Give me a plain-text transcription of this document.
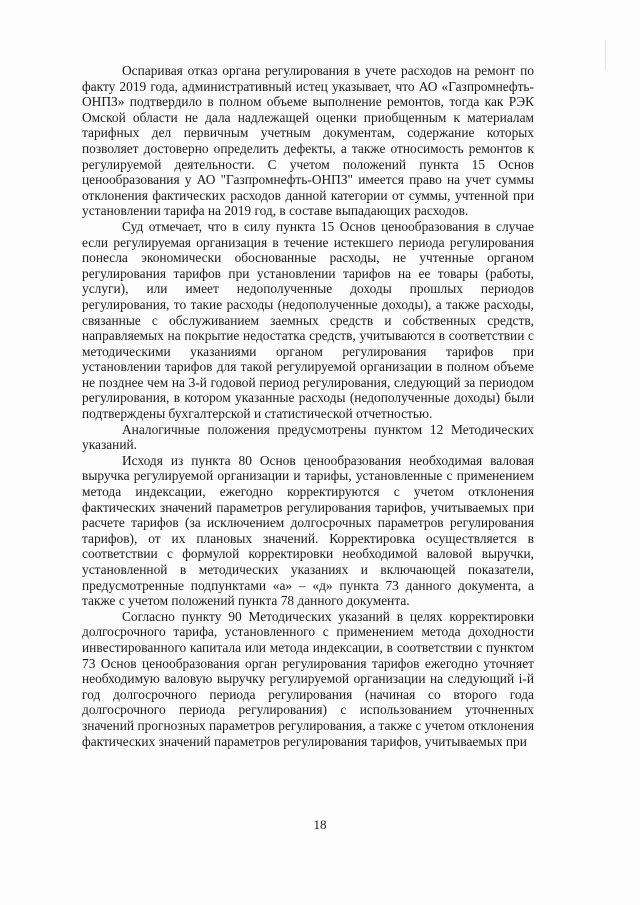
Оспаривая отказ органа регулирования в учете расходов на ремонт по факту 2019 года, административный истец указывает, что АО «Газпромнефть-ОНПЗ» подтвердило в полном объеме выполнение ремонтов, тогда как РЭК Омской области не дала надлежащей оценки приобщенным к материалам тарифных дел первичным учетным документам, содержание которых позволяет достоверно определить дефекты, а также относимость ремонтов к регулируемой деятельности. С учетом положений пункта 15 Основ ценообразования у АО "Газпромнефть-ОНПЗ" имеется право на учет суммы отклонения фактических расходов данной категории от суммы, учтенной при установлении тарифа на 2019 год, в составе выпадающих расходов.

Суд отмечает, что в силу пункта 15 Основ ценообразования в случае если регулируемая организация в течение истекшего периода регулирования понесла экономически обоснованные расходы, не учтенные органом регулирования тарифов при установлении тарифов на ее товары (работы, услуги), или имеет недополученные доходы прошлых периодов регулирования, то такие расходы (недополученные доходы), а также расходы, связанные с обслуживанием заемных средств и собственных средств, направляемых на покрытие недостатка средств, учитываются в соответствии с методическими указаниями органом регулирования тарифов при установлении тарифов для такой регулируемой организации в полном объеме не позднее чем на 3-й годовой период регулирования, следующий за периодом регулирования, в котором указанные расходы (недополученные доходы) были подтверждены бухгалтерской и статистической отчетностью.

Аналогичные положения предусмотрены пунктом 12 Методических указаний.

Исходя из пункта 80 Основ ценообразования необходимая валовая выручка регулируемой организации и тарифы, установленные с применением метода индексации, ежегодно корректируются с учетом отклонения фактических значений параметров регулирования тарифов, учитываемых при расчете тарифов (за исключением долгосрочных параметров регулирования тарифов), от их плановых значений. Корректировка осуществляется в соответствии с формулой корректировки необходимой валовой выручки, установленной в методических указаниях и включающей показатели, предусмотренные подпунктами «а» – «д» пункта 73 данного документа, а также с учетом положений пункта 78 данного документа.

Согласно пункту 90 Методических указаний в целях корректировки долгосрочного тарифа, установленного с применением метода доходности инвестированного капитала или метода индексации, в соответствии с пунктом 73 Основ ценообразования орган регулирования тарифов ежегодно уточняет необходимую валовую выручку регулируемой организации на следующий i-й год долгосрочного периода регулирования (начиная со второго года долгосрочного периода регулирования) с использованием уточненных значений прогнозных параметров регулирования, а также с учетом отклонения фактических значений параметров регулирования тарифов, учитываемых при

18
